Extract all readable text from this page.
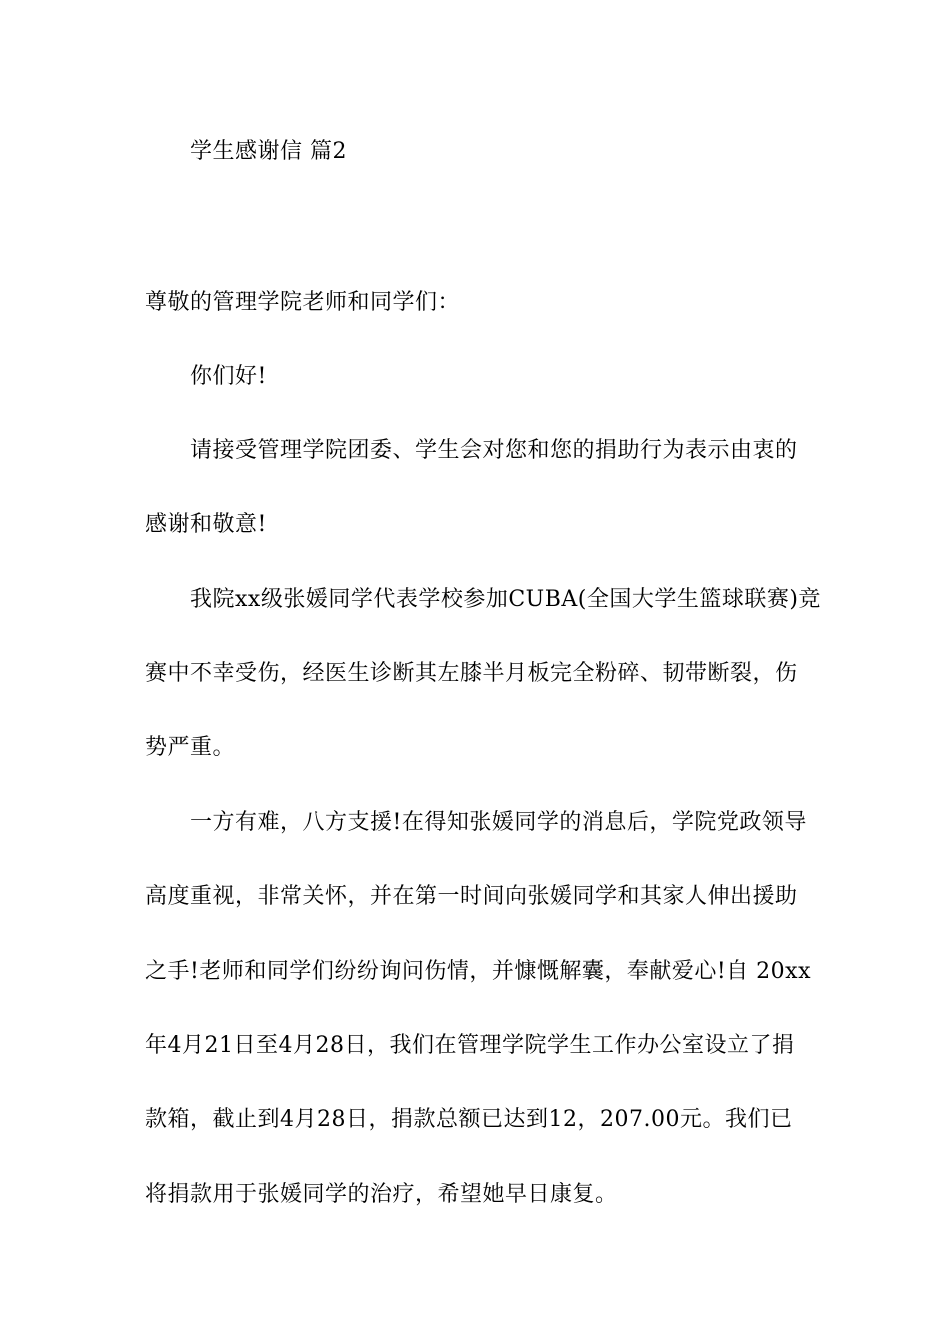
学生感谢信 篇2
尊敬的管理学院老师和同学们：
你们好!
请接受管理学院团委、学生会对您和您的捐助行为表示由衷的
感谢和敬意!
我院xx级张媛同学代表学校参加CUBA(全国大学生篮球联赛)竞
赛中不幸受伤，经医生诊断其左膝半月板完全粉碎、韧带断裂，伤
势严重。
一方有难，八方支援!在得知张媛同学的消息后，学院党政领导
高度重视，非常关怀，并在第一时间向张媛同学和其家人伸出援助
之手!老师和同学们纷纷询问伤情，并慷慨解囊，奉献爱心!自 20xx
年4月21日至4月28日，我们在管理学院学生工作办公室设立了捐
款箱，截止到4月28日，捐款总额已达到12，207.00元。我们已
将捐款用于张媛同学的治疗，希望她早日康复。
